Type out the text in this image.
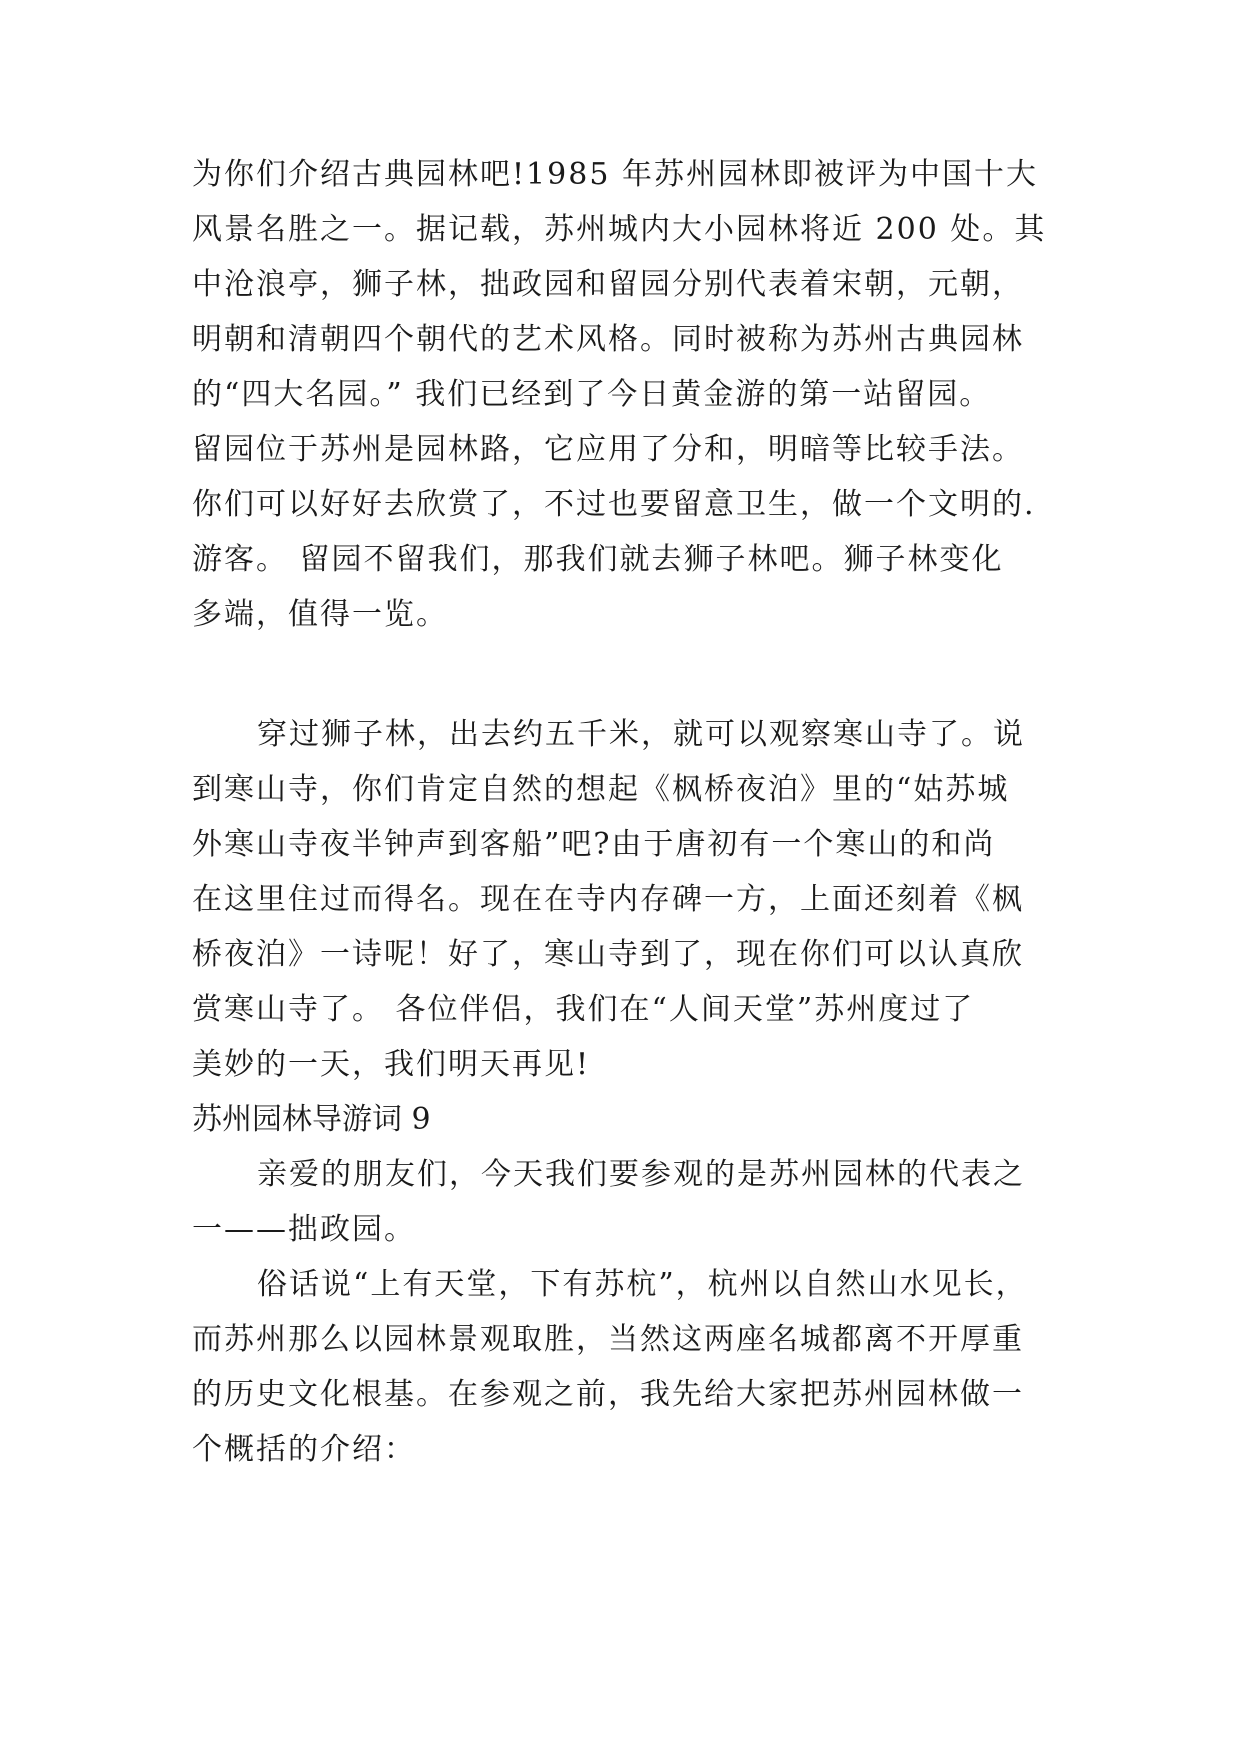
为你们介绍古典园林吧!1985 年苏州园林即被评为中国十大
风景名胜之一。据记载，苏州城内大小园林将近 200 处。其
中沧浪亭，狮子林，拙政园和留园分别代表着宋朝，元朝，
明朝和清朝四个朝代的艺术风格。同时被称为苏州古典园林
的“四大名园。” 我们已经到了今日黄金游的第一站留园。
留园位于苏州是园林路，它应用了分和，明暗等比较手法。
你们可以好好去欣赏了，不过也要留意卫生，做一个文明的.
游客。 留园不留我们，那我们就去狮子林吧。狮子林变化
多端，值得一览。
穿过狮子林，出去约五千米，就可以观察寒山寺了。说
到寒山寺，你们肯定自然的想起《枫桥夜泊》里的“姑苏城
外寒山寺夜半钟声到客船”吧?由于唐初有一个寒山的和尚
在这里住过而得名。现在在寺内存碑一方，上面还刻着《枫
桥夜泊》一诗呢！好了，寒山寺到了，现在你们可以认真欣
赏寒山寺了。 各位伴侣，我们在“人间天堂”苏州度过了
美妙的一天，我们明天再见!
苏州园林导游词 9
亲爱的朋友们，今天我们要参观的是苏州园林的代表之
一——拙政园。
俗话说“上有天堂，下有苏杭”，杭州以自然山水见长，
而苏州那么以园林景观取胜，当然这两座名城都离不开厚重
的历史文化根基。在参观之前，我先给大家把苏州园林做一
个概括的介绍：
